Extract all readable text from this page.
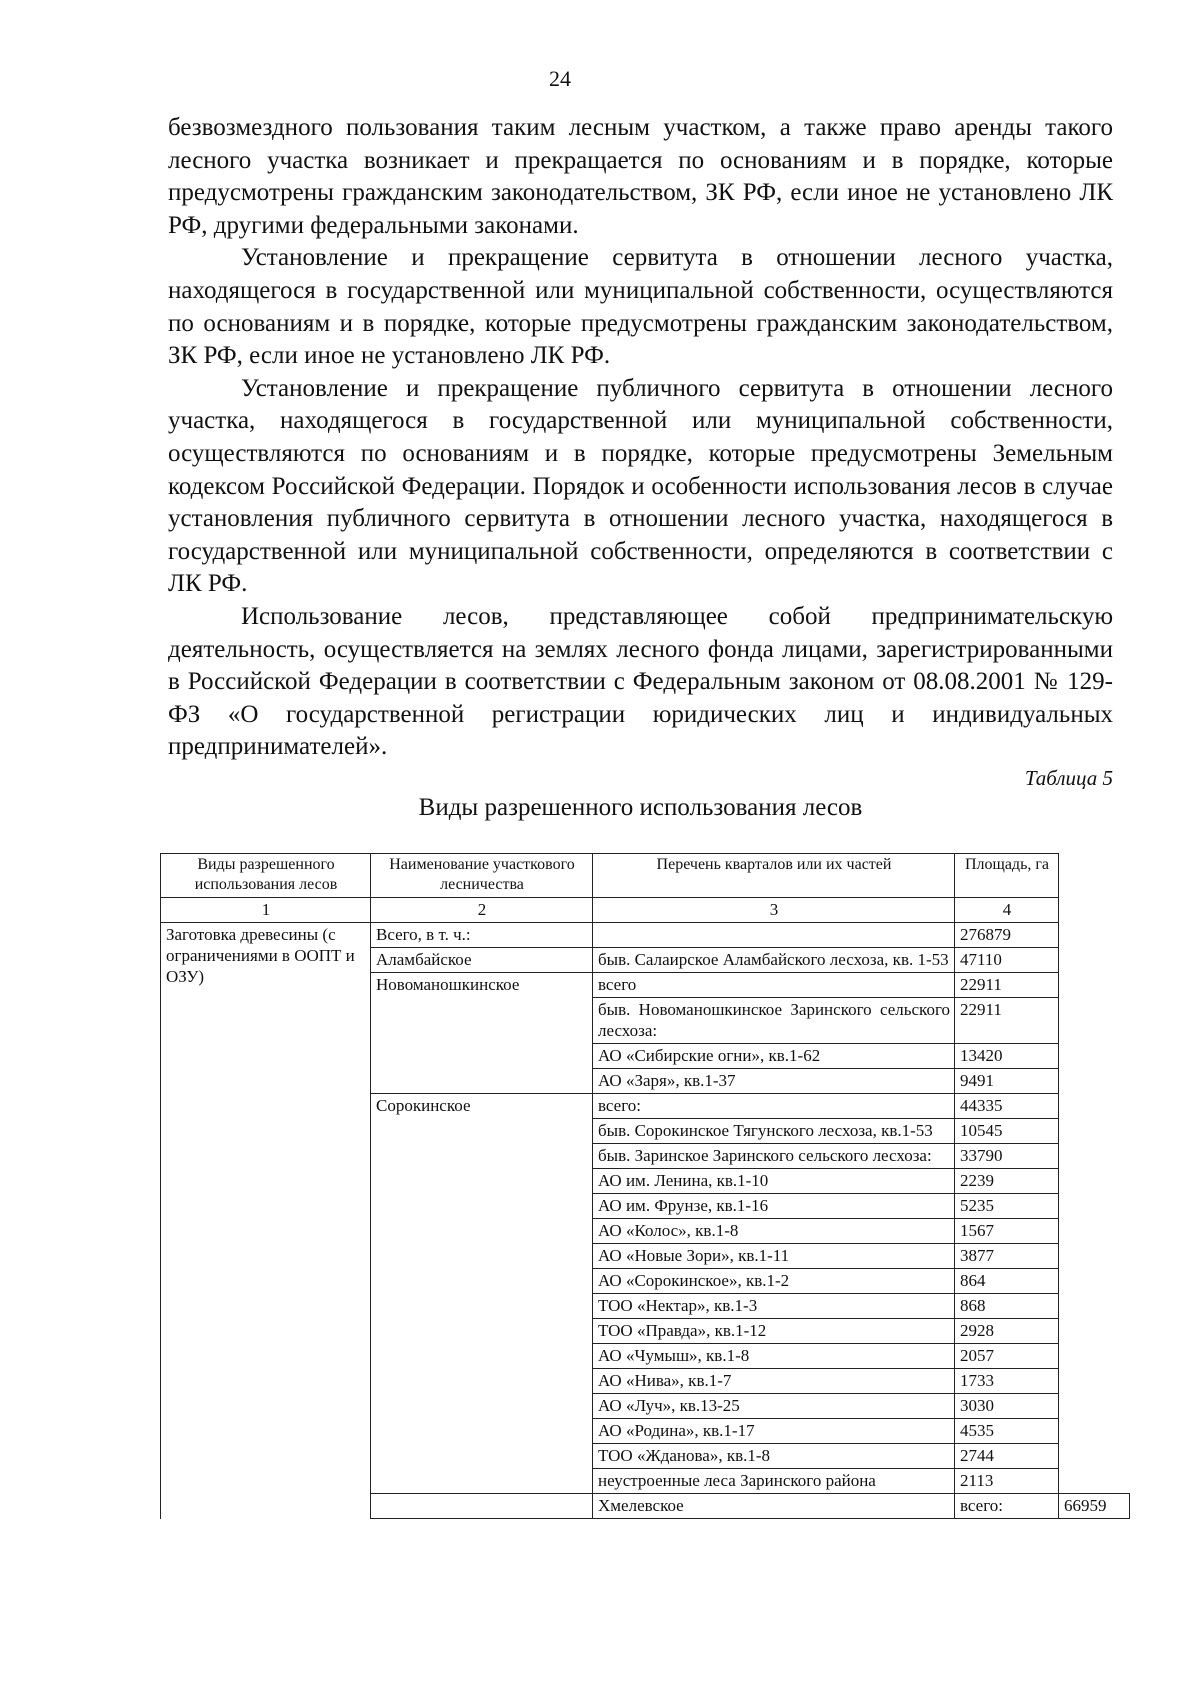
24

безвозмездного пользования таким лесным участком, а также право аренды такого лесного участка возникает и прекращается по основаниям и в порядке, которые предусмотрены гражданским законодательством, ЗК РФ, если иное не установлено ЛК РФ, другими федеральными законами.

Установление и прекращение сервитута в отношении лесного участка, находящегося в государственной или муниципальной собственности, осуществляются по основаниям и в порядке, которые предусмотрены гражданским законодательством, ЗК РФ, если иное не установлено ЛК РФ.

Установление и прекращение публичного сервитута в отношении лесного участка, находящегося в государственной или муниципальной собственности, осуществляются по основаниям и в порядке, которые предусмотрены Земельным кодексом Российской Федерации. Порядок и особенности использования лесов в случае установления публичного сервитута в отношении лесного участка, находящегося в государственной или муниципальной собственности, определяются в соответствии с ЛК РФ.

Использование лесов, представляющее собой предпринимательскую деятельность, осуществляется на землях лесного фонда лицами, зарегистрированными в Российской Федерации в соответствии с Федеральным законом от 08.08.2001 № 129-ФЗ «О государственной регистрации юридических лиц и индивидуальных предпринимателей».

Таблица 5
Виды разрешенного использования лесов
Виды разрешенного использования лесов	Наименование участкового лесничества	Перечень кварталов или их частей	Площадь, га	
1	2	3	4	
Заготовка древесины (с ограничениями в ООПТ и ОЗУ)	Всего, в т. ч.:		276879	
	Аламбайское	быв. Салаирское Аламбайского лесхоза, кв. 1-53	47110	
	Новоманошкинское	всего	22911	
		быв. Новоманошкинское Заринского сельского лесхоза:	22911	
		АО «Сибирские огни», кв.1-62	13420	
		АО «Заря», кв.1-37	9491	
	Сорокинское	всего:	44335	
		быв. Сорокинское Тягунского лесхоза, кв.1-53	10545	
		быв. Заринское Заринского сельского лесхоза:	33790	
		АО им. Ленина, кв.1-10	2239	
		АО им. Фрунзе, кв.1-16	5235	
		АО «Колос», кв.1-8	1567	
		АО «Новые Зори», кв.1-11	3877	
		АО «Сорокинское», кв.1-2	864	
		ТОО «Нектар», кв.1-3	868	
		ТОО «Правда», кв.1-12	2928	
		АО «Чумыш», кв.1-8	2057	
		АО «Нива», кв.1-7	1733	
		АО «Луч», кв.13-25	3030	
		АО «Родина», кв.1-17	4535	
		ТОО «Жданова», кв.1-8	2744	
		неустроенные леса Заринского района	2113	
		Хмелевское	всего:	66959
